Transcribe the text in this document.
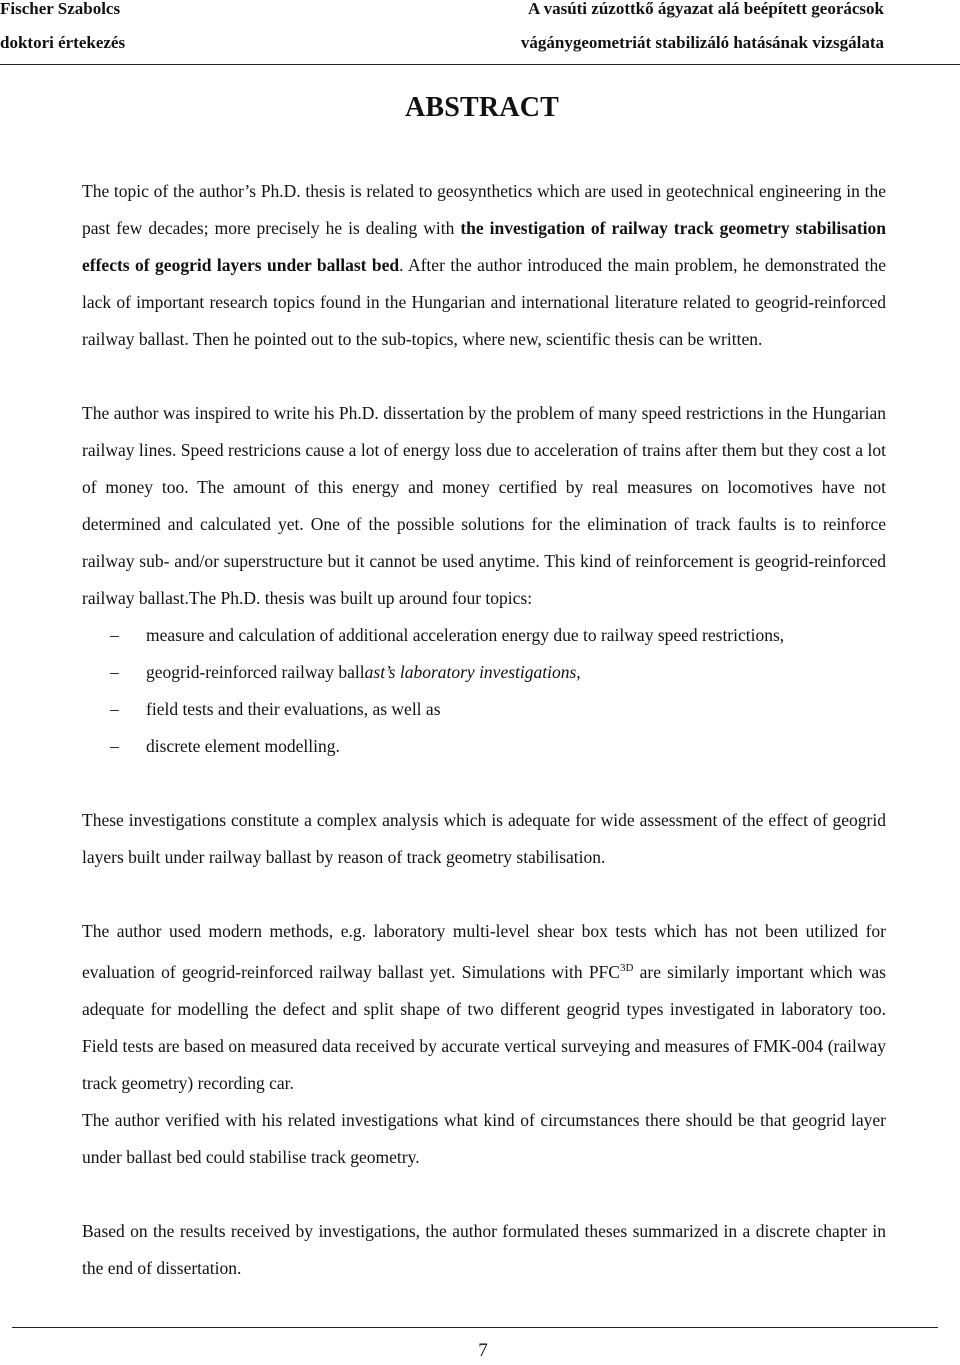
Fischer Szabolcs
doktori értekezés
A vasúti zúzottkő ágyazat alá beépített georácsok
vágánygeometriát stabilizáló hatásának vizsgálata
ABSTRACT

The topic of the author’s Ph.D. thesis is related to geosynthetics which are used in geotechnical engineering in the past few decades; more precisely he is dealing with the investigation of railway track geometry stabilisation effects of geogrid layers under ballast bed. After the author introduced the main problem, he demonstrated the lack of important research topics found in the Hungarian and international literature related to geogrid-reinforced railway ballast. Then he pointed out to the sub-topics, where new, scientific thesis can be written.

The author was inspired to write his Ph.D. dissertation by the problem of many speed restrictions in the Hungarian railway lines. Speed restricions cause a lot of energy loss due to acceleration of trains after them but they cost a lot of money too. The amount of this energy and money certified by real measures on locomotives have not determined and calculated yet. One of the possible solutions for the elimination of track faults is to reinforce railway sub- and/or superstructure but it cannot be used anytime. This kind of reinforcement is geogrid-reinforced railway ballast.The Ph.D. thesis was built up around four topics:

– measure and calculation of additional acceleration energy due to railway speed restrictions,
– geogrid-reinforced railway ballast’s laboratory investigations,
– field tests and their evaluations, as well as
– discrete element modelling.

These investigations constitute a complex analysis which is adequate for wide assessment of the effect of geogrid layers built under railway ballast by reason of track geometry stabilisation.

The author used modern methods, e.g. laboratory multi-level shear box tests which has not been utilized for evaluation of geogrid-reinforced railway ballast yet. Simulations with $PFC^{3D}$ are similarly important which was adequate for modelling the defect and split shape of two different geogrid types investigated in laboratory too. Field tests are based on measured data received by accurate vertical surveying and measures of FMK-004 (railway track geometry) recording car.

The author verified with his related investigations what kind of circumstances there should be that geogrid layer under ballast bed could stabilise track geometry.

Based on the results received by investigations, the author formulated theses summarized in a discrete chapter in the end of dissertation.

7
